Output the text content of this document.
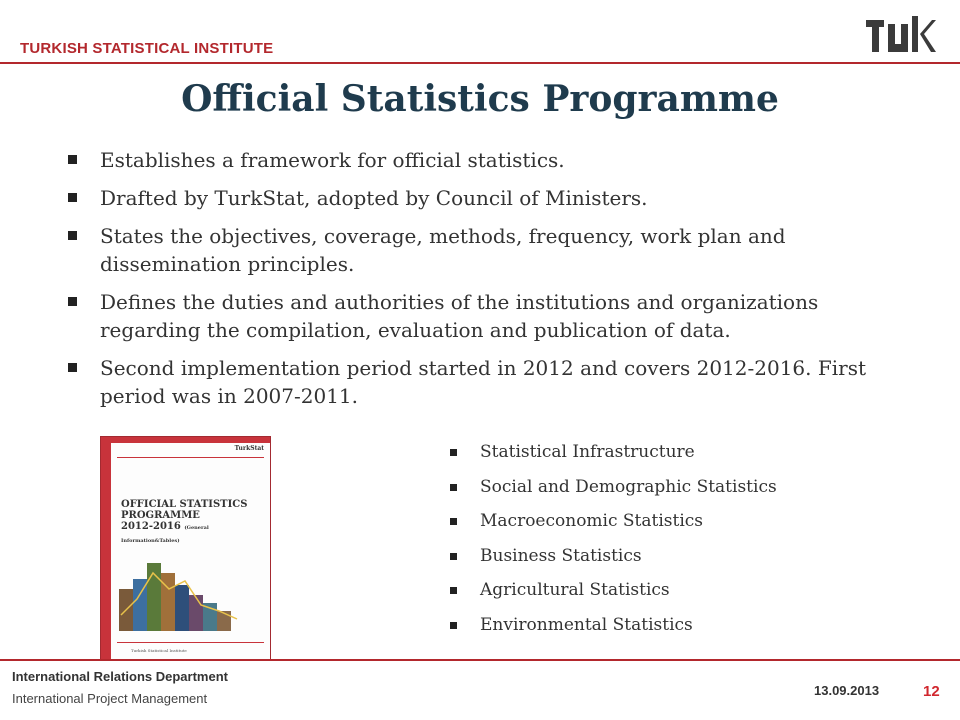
TURKISH STATISTICAL INSTITUTE
Official Statistics Programme
Establishes a framework for official statistics.
Drafted by TurkStat, adopted by Council of Ministers.
States the objectives, coverage, methods, frequency, work plan and dissemination principles.
Defines the duties and authorities of the institutions and organizations regarding the compilation, evaluation and publication of data.
Second implementation period started in 2012 and covers 2012-2016. First period was in 2007-2011.
TurkStat
OFFICIAL STATISTICS
PROGRAMME
2012-2016 (General Information&Tables)
Turkish Statistical Institute
Statistical Infrastructure
Social and Demographic Statistics
Macroeconomic Statistics
Business Statistics
Agricultural Statistics
Environmental Statistics
International Relations Department
International Project Management
13.09.2013	12
